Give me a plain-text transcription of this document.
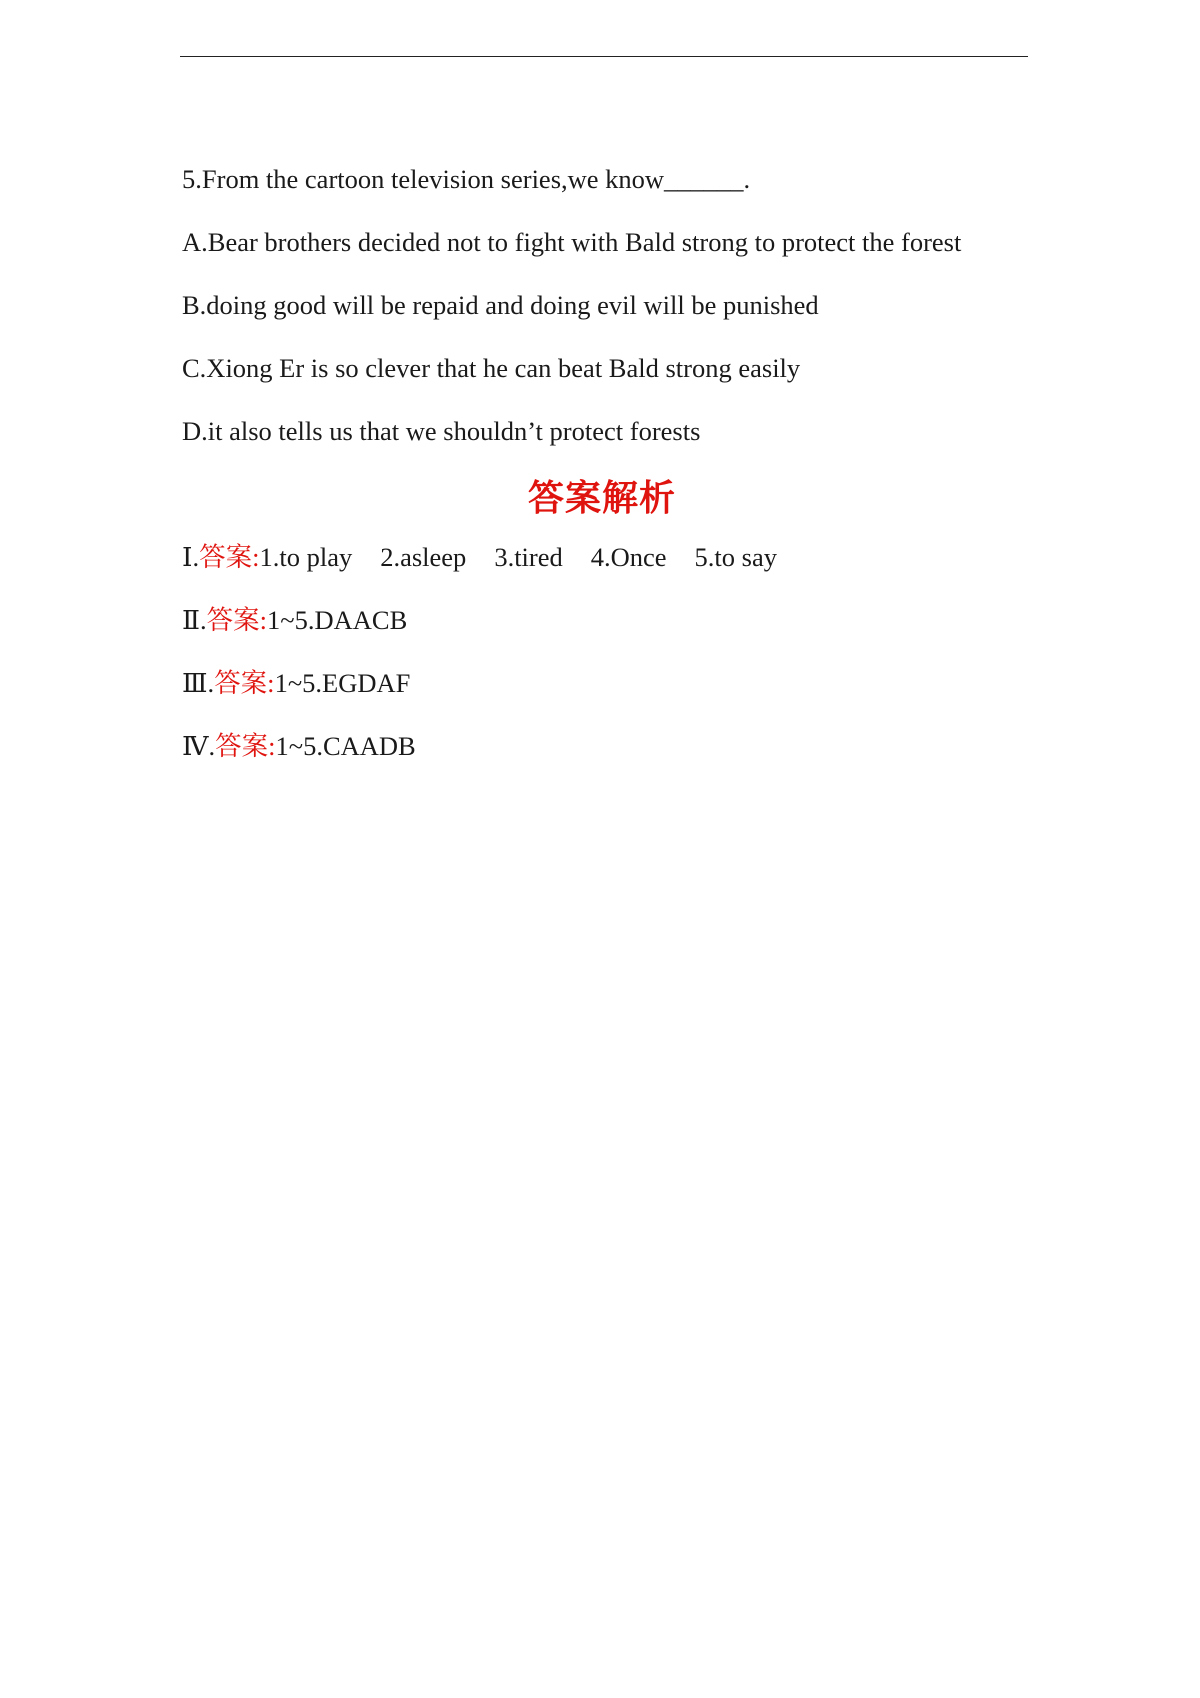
5.From the cartoon television series,we know______.
A.Bear brothers decided not to fight with Bald strong to protect the forest
B.doing good will be repaid and doing evil will be punished
C.Xiong Er is so clever that he can beat Bald strong easily
D.it also tells us that we shouldn’t protect forests
答案解析
Ⅰ.答案:1.to play 2.asleep 3.tired 4.Once 5.to say
Ⅱ.答案:1~5.DAACB
Ⅲ.答案:1~5.EGDAF
Ⅳ.答案:1~5.CAADB
